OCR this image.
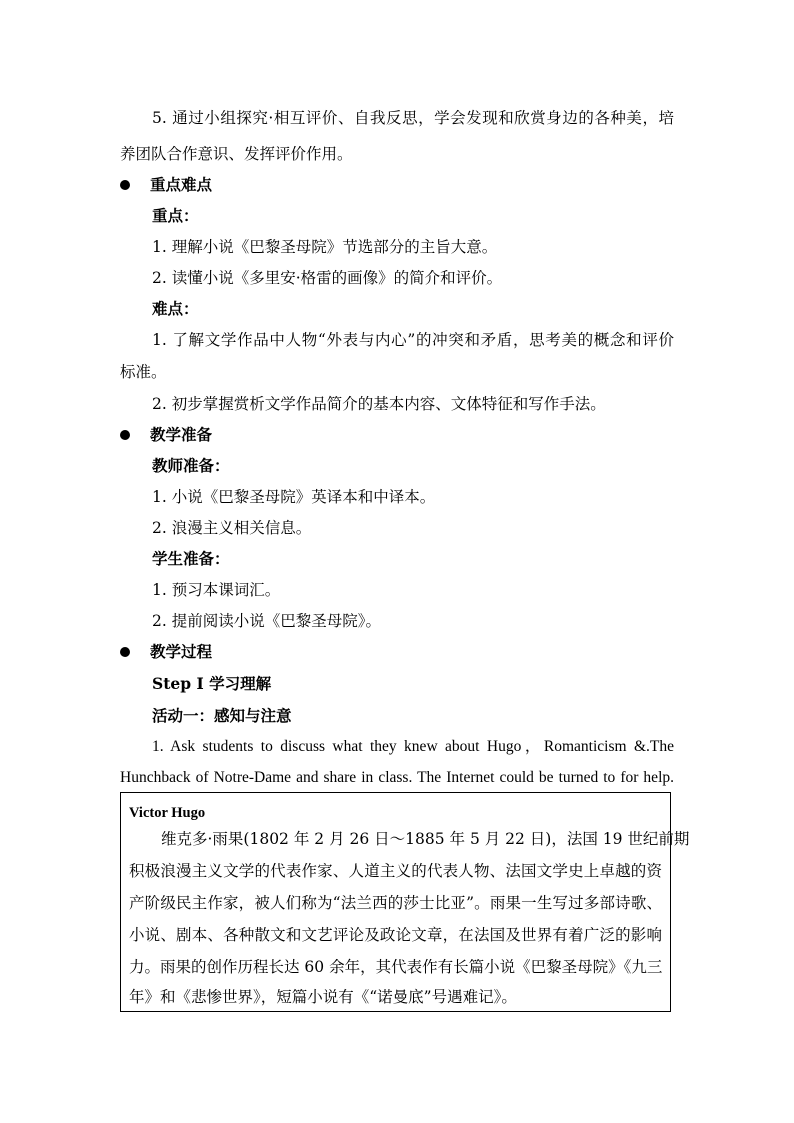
5. 通过小组探究·相互评价、自我反思，学会发现和欣赏身边的各种美，培
养团队合作意识、发挥评价作用。
重点难点
重点：
1. 理解小说《巴黎圣母院》节选部分的主旨大意。
2. 读懂小说《多里安·格雷的画像》的简介和评价。
难点：
1. 了解文学作品中人物“外表与内心”的冲突和矛盾，思考美的概念和评价
标准。
2. 初步掌握赏析文学作品简介的基本内容、文体特征和写作手法。
教学准备
教师准备：
1. 小说《巴黎圣母院》英译本和中译本。
2. 浪漫主义相关信息。
学生准备：
1. 预习本课词汇。
2. 提前阅读小说《巴黎圣母院》。
教学过程
Step I 学习理解
活动一：感知与注意
1. Ask students to discuss what they knew about Hugo，Romanticism &.The
Hunchback of Notre-Dame and share in class. The Internet could be turned to for help.
Victor Hugo
维克多·雨果(1802 年 2 月 26 日～1885 年 5 月 22 日)，法国 19 世纪前期
积极浪漫主义文学的代表作家、人道主义的代表人物、法国文学史上卓越的资
产阶级民主作家，被人们称为“法兰西的莎士比亚”。雨果一生写过多部诗歌、
小说、剧本、各种散文和文艺评论及政论文章，在法国及世界有着广泛的影响
力。雨果的创作历程长达 60 余年，其代表作有长篇小说《巴黎圣母院》《九三
年》和《悲惨世界》，短篇小说有《“诺曼底”号遇难记》。
